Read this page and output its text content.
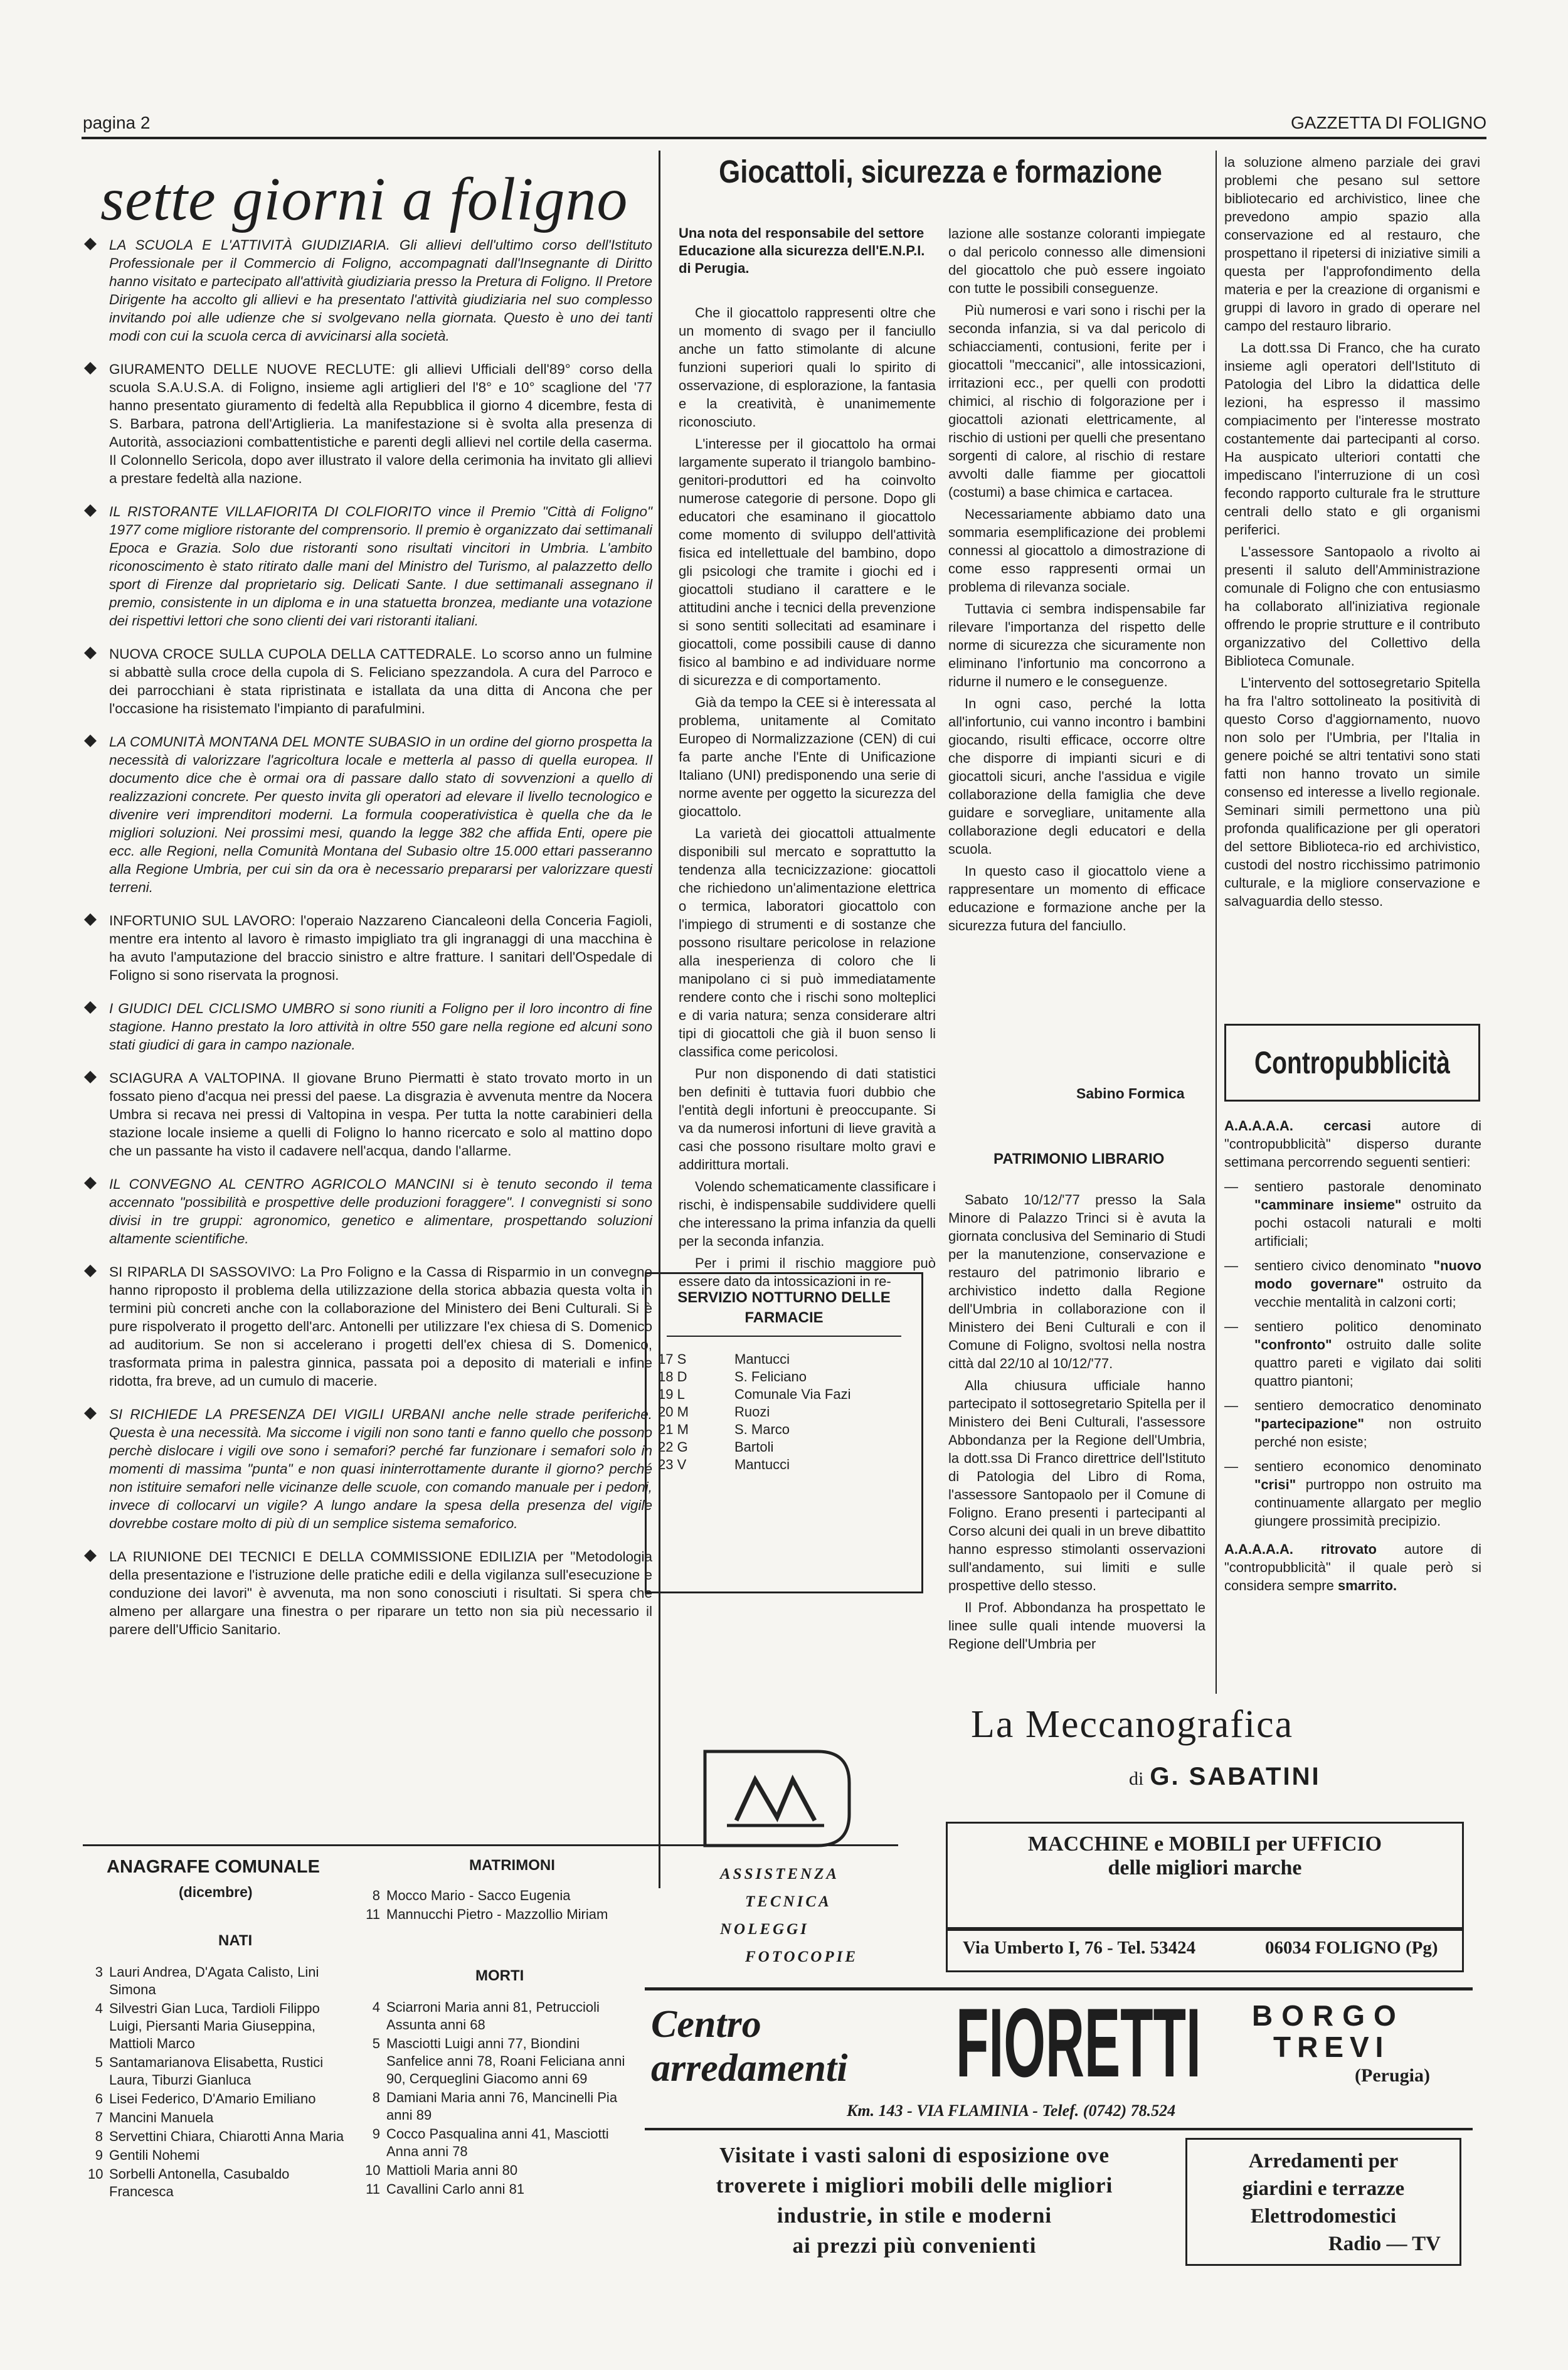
pagina 2	GAZZETTA DI FOLIGNO
sette giorni a foligno
LA SCUOLA E L'ATTIVITÀ GIUDIZIARIA. Gli allievi dell'ultimo corso dell'Istituto Professionale per il Commercio di Foligno, accompagnati dall'Insegnante di Diritto hanno visitato e partecipato all'attività giudiziaria presso la Pretura di Foligno. Il Pretore Dirigente ha accolto gli allievi e ha presentato l'attività giudiziaria nel suo complesso invitando poi alle udienze che si svolgevano nella giornata. Questo è uno dei tanti modi con cui la scuola cerca di avvicinarsi alla società.
GIURAMENTO DELLE NUOVE RECLUTE: gli allievi Ufficiali dell'89° corso della scuola S.A.U.S.A. di Foligno, insieme agli artiglieri del l'8° e 10° scaglione del '77 hanno presentato giuramento di fedeltà alla Repubblica il giorno 4 dicembre, festa di S. Barbara, patrona dell'Artiglieria. La manifestazione si è svolta alla presenza di Autorità, associazioni combattentistiche e parenti degli allievi nel cortile della caserma. Il Colonnello Sericola, dopo aver illustrato il valore della cerimonia ha invitato gli allievi a prestare fedeltà alla nazione.
IL RISTORANTE VILLAFIORITA DI COLFIORITO vince il Premio "Città di Foligno" 1977 come migliore ristorante del comprensorio. Il premio è organizzato dai settimanali Epoca e Grazia. Solo due ristoranti sono risultati vincitori in Umbria. L'ambito riconoscimento è stato ritirato dalle mani del Ministro del Turismo, al palazzetto dello sport di Firenze dal proprietario sig. Delicati Sante. I due settimanali assegnano il premio, consistente in un diploma e in una statuetta bronzea, mediante una votazione dei rispettivi lettori che sono clienti dei vari ristoranti italiani.
NUOVA CROCE SULLA CUPOLA DELLA CATTEDRALE. Lo scorso anno un fulmine si abbattè sulla croce della cupola di S. Feliciano spezzandola. A cura del Parroco e dei parrocchiani è stata ripristinata e istallata da una ditta di Ancona che per l'occasione ha risistemato l'impianto di parafulmini.
LA COMUNITÀ MONTANA DEL MONTE SUBASIO in un ordine del giorno prospetta la necessità di valorizzare l'agricoltura locale e metterla al passo di quella europea. Il documento dice che è ormai ora di passare dallo stato di sovvenzioni a quello di realizzazioni concrete. Per questo invita gli operatori ad elevare il livello tecnologico e divenire veri imprenditori moderni. La formula cooperativistica è quella che da le migliori soluzioni. Nei prossimi mesi, quando la legge 382 che affida Enti, opere pie ecc. alle Regioni, nella Comunità Montana del Subasio oltre 15.000 ettari passeranno alla Regione Umbria, per cui sin da ora è necessario prepararsi per valorizzare questi terreni.
INFORTUNIO SUL LAVORO: l'operaio Nazzareno Ciancaleoni della Conceria Fagioli, mentre era intento al lavoro è rimasto impigliato tra gli ingranaggi di una macchina è ha avuto l'amputazione del braccio sinistro e altre fratture. I sanitari dell'Ospedale di Foligno si sono riservata la prognosi.
I GIUDICI DEL CICLISMO UMBRO si sono riuniti a Foligno per il loro incontro di fine stagione. Hanno prestato la loro attività in oltre 550 gare nella regione ed alcuni sono stati giudici di gara in campo nazionale.
SCIAGURA A VALTOPINA. Il giovane Bruno Piermatti è stato trovato morto in un fossato pieno d'acqua nei pressi del paese. La disgrazia è avvenuta mentre da Nocera Umbra si recava nei pressi di Valtopina in vespa. Per tutta la notte carabinieri della stazione locale insieme a quelli di Foligno lo hanno ricercato e solo al mattino dopo che un passante ha visto il cadavere nell'acqua, dando l'allarme.
IL CONVEGNO AL CENTRO AGRICOLO MANCINI si è tenuto secondo il tema accennato "possibilità e prospettive delle produzioni foraggere". I convegnisti si sono divisi in tre gruppi: agronomico, genetico e alimentare, prospettando soluzioni altamente scientifiche.
SI RIPARLA DI SASSOVIVO: La Pro Foligno e la Cassa di Risparmio in un convegno hanno riproposto il problema della utilizzazione della storica abbazia questa volta in termini più concreti anche con la collaborazione del Ministero dei Beni Culturali. Si è pure rispolverato il progetto dell'arc. Antonelli per utilizzare l'ex chiesa di S. Domenico ad auditorium. Se non si accelerano i progetti dell'ex chiesa di S. Domenico, trasformata prima in palestra ginnica, passata poi a deposito di materiali e infine ridotta, fra breve, ad un cumulo di macerie.
SI RICHIEDE LA PRESENZA DEI VIGILI URBANI anche nelle strade periferiche. Questa è una necessità. Ma siccome i vigili non sono tanti e fanno quello che possono perchè dislocare i vigili ove sono i semafori? perché far funzionare i semafori solo in momenti di massima "punta" e non quasi ininterrottamente durante il giorno? perché non istituire semafori nelle vicinanze delle scuole, con comando manuale per i pedoni, invece di collocarvi un vigile? A lungo andare la spesa della presenza del vigile dovrebbe costare molto di più di un semplice sistema semaforico.
LA RIUNIONE DEI TECNICI E DELLA COMMISSIONE EDILIZIA per "Metodologia della presentazione e l'istruzione delle pratiche edili e della vigilanza sull'esecuzione e conduzione dei lavori" è avvenuta, ma non sono conosciuti i risultati. Si spera che almeno per allargare una finestra o per riparare un tetto non sia più necessario il parere dell'Ufficio Sanitario.
ANAGRAFE COMUNALE
(dicembre)
NATI
3 Lauri Andrea, D'Agata Calisto, Lini Simona
4 Silvestri Gian Luca, Tardioli Filippo Luigi, Piersanti Maria Giuseppina, Mattioli Marco
5 Santamarianova Elisabetta, Rustici Laura, Tiburzi Gianluca
6 Lisei Federico, D'Amario Emiliano
7 Mancini Manuela
8 Servettini Chiara, Chiarotti Anna Maria
9 Gentili Nohemi
10 Sorbelli Antonella, Casubaldo Francesca
MATRIMONI
8 Mocco Mario - Sacco Eugenia
11 Mannucchi Pietro - Mazzollio Miriam
MORTI
4 Sciarroni Maria anni 81, Petruccioli Assunta anni 68
5 Masciotti Luigi anni 77, Biondini Sanfelice anni 78, Roani Feliciana anni 90, Cerqueglini Giacomo anni 69
8 Damiani Maria anni 76, Mancinelli Pia anni 89
9 Cocco Pasqualina anni 41, Masciotti Anna anni 78
10 Mattioli Maria anni 80
11 Cavallini Carlo anni 81
Giocattoli, sicurezza e formazione
Una nota del responsabile del settore Educazione alla sicurezza dell'E.N.P.I. di Perugia.

Che il giocattolo rappresenti oltre che un momento di svago per il fanciullo anche un fatto stimolante di alcune funzioni superiori quali lo spirito di osservazione, di esplorazione, la fantasia e la creatività, è unanimemente riconosciuto.

L'interesse per il giocattolo ha ormai largamente superato il triangolo bambino-genitori-produttori ed ha coinvolto numerose categorie di persone. Dopo gli educatori che esaminano il giocattolo come momento di sviluppo dell'attività fisica ed intellettuale del bambino, dopo gli psicologi che tramite i giochi ed i giocattoli studiano il carattere e le attitudini anche i tecnici della prevenzione si sono sentiti sollecitati ad esaminare i giocattoli, come possibili cause di danno fisico al bambino e ad individuare norme di sicurezza e di comportamento.

Già da tempo la CEE si è interessata al problema, unitamente al Comitato Europeo di Normalizzazione (CEN) di cui fa parte anche l'Ente di Unificazione Italiano (UNI) predisponendo una serie di norme avente per oggetto la sicurezza del giocattolo.

La varietà dei giocattoli attualmente disponibili sul mercato e soprattutto la tendenza alla tecnicizzazione: giocattoli che richiedono un'alimentazione elettrica o termica, laboratori giocattolo con l'impiego di strumenti e di sostanze che possono risultare pericolose in relazione alla inesperienza di coloro che li manipolano ci si può immediatamente rendere conto che i rischi sono molteplici e di varia natura; senza considerare altri tipi di giocattoli che già il buon senso li classifica come pericolosi.

Pur non disponendo di dati statistici ben definiti è tuttavia fuori dubbio che l'entità degli infortuni è preoccupante. Si va da numerosi infortuni di lieve gravità a casi che possono risultare molto gravi e addirittura mortali.

Volendo schematicamente classificare i rischi, è indispensabile suddividere quelli che interessano la prima infanzia da quelli per la seconda infanzia.

Per i primi il rischio maggiore può essere dato da intossicazioni in re-

lazione alle sostanze coloranti impiegate o dal pericolo connesso alle dimensioni del giocattolo che può essere ingoiato con tutte le possibili conseguenze.

Più numerosi e vari sono i rischi per la seconda infanzia, si va dal pericolo di schiacciamenti, contusioni, ferite per i giocattoli "meccanici", alle intossicazioni, irritazioni ecc., per quelli con prodotti chimici, al rischio di folgorazione per i giocattoli azionati elettricamente, al rischio di ustioni per quelli che presentano sorgenti di calore, al rischio di restare avvolti dalle fiamme per giocattoli (costumi) a base chimica e cartacea.

Necessariamente abbiamo dato una sommaria esemplificazione dei problemi connessi al giocattolo a dimostrazione di come esso rappresenti ormai un problema di rilevanza sociale.

Tuttavia ci sembra indispensabile far rilevare l'importanza del rispetto delle norme di sicurezza che sicuramente non eliminano l'infortunio ma concorrono a ridurne il numero e le conseguenze.

In ogni caso, perché la lotta all'infortunio, cui vanno incontro i bambini giocando, risulti efficace, occorre oltre che disporre di impianti sicuri e di giocattoli sicuri, anche l'assidua e vigile collaborazione della famiglia che deve guidare e sorvegliare, unitamente alla collaborazione degli educatori e della scuola.

In questo caso il giocattolo viene a rappresentare un momento di efficace educazione e formazione anche per la sicurezza futura del fanciullo.

Sabino Formica
SERVIZIO NOTTURNO DELLE FARMACIE
17 S	Mantucci
18 D	S. Feliciano
19 L	Comunale Via Fazi
20 M	Ruozi
21 M	S. Marco
22 G	Bartoli
23 V	Mantucci
PATRIMONIO LIBRARIO

Sabato 10/12/'77 presso la Sala Minore di Palazzo Trinci si è avuta la giornata conclusiva del Seminario di Studi per la manutenzione, conservazione e restauro del patrimonio librario e archivistico indetto dalla Regione dell'Umbria in collaborazione con il Ministero dei Beni Culturali e con il Comune di Foligno, svoltosi nella nostra città dal 22/10 al 10/12/'77.

Alla chiusura ufficiale hanno partecipato il sottosegretario Spitella per il Ministero dei Beni Culturali, l'assessore Abbondanza per la Regione dell'Umbria, la dott.ssa Di Franco direttrice dell'Istituto di Patologia del Libro di Roma, l'assessore Santopaolo per il Comune di Foligno. Erano presenti i partecipanti al Corso alcuni dei quali in un breve dibattito hanno espresso stimolanti osservazioni sull'andamento, sui limiti e sulle prospettive dello stesso.

Il Prof. Abbondanza ha prospettato le linee sulle quali intende muoversi la Regione dell'Umbria per

la soluzione almeno parziale dei gravi problemi che pesano sul settore bibliotecario ed archivistico, linee che prevedono ampio spazio alla conservazione ed al restauro, che prospettano il ripetersi di iniziative simili a questa per l'approfondimento della materia e per la creazione di organismi e gruppi di lavoro in grado di operare nel campo del restauro librario.

La dott.ssa Di Franco, che ha curato insieme agli operatori dell'Istituto di Patologia del Libro la didattica delle lezioni, ha espresso il massimo compiacimento per l'interesse mostrato costantemente dai partecipanti al corso. Ha auspicato ulteriori contatti che impediscano l'interruzione di un così fecondo rapporto culturale fra le strutture centrali dello stato e gli organismi periferici.

L'assessore Santopaolo a rivolto ai presenti il saluto dell'Amministrazione comunale di Foligno che con entusiasmo ha collaborato all'iniziativa regionale offrendo le proprie strutture e il contributo organizzativo del Collettivo della Biblioteca Comunale.

L'intervento del sottosegretario Spitella ha fra l'altro sottolineato la positività di questo Corso d'aggiornamento, nuovo non solo per l'Umbria, per l'Italia in genere poiché se altri tentativi sono stati fatti non hanno trovato un simile consenso ed interesse a livello regionale. Seminari simili permettono una più profonda qualificazione per gli operatori del settore Biblioteca-rio ed archivistico, custodi del nostro ricchissimo patrimonio culturale, e la migliore conservazione e salvaguardia dello stesso.

Contropubblicità

A.A.A.A.A. cercasi autore di "contropubblicità" disperso durante settimana percorrendo seguenti sentieri:

— sentiero pastorale denominato "camminare insieme" ostruito da pochi ostacoli naturali e molti artificiali;
— sentiero civico denominato "nuovo modo governare" ostruito da vecchie mentalità in calzoni corti;
— sentiero politico denominato "confronto" ostruito dalle solite quattro pareti e vigilato dai soliti quattro piantoni;
— sentiero democratico denominato "partecipazione" non ostruito perché non esiste;
— sentiero economico denominato "crisi" purtroppo non ostruito ma continuamente allargato per meglio giungere prossimità precipizio.

A.A.A.A.A. ritrovato autore di "contropubblicità" il quale però si considera sempre smarrito.

La Meccanografica
di G. SABATINI
ASSISTENZA
TECNICA
NOLEGGI
FOTOCOPIE
MACCHINE e MOBILI per UFFICIO
delle migliori marche
Via Umberto I, 76 - Tel. 53424	06034 FOLIGNO (Pg)
Centro
arredamenti FIORETTI BORGO
TREVI
(Perugia)
Km. 143 - VIA FLAMINIA - Telef. (0742) 78.524
Visitate i vasti saloni di esposizione ove
troverete i migliori mobili delle migliori
industrie, in stile e moderni
ai prezzi più convenienti
Arredamenti per
giardini e terrazze
Elettrodomestici
Radio — TV
